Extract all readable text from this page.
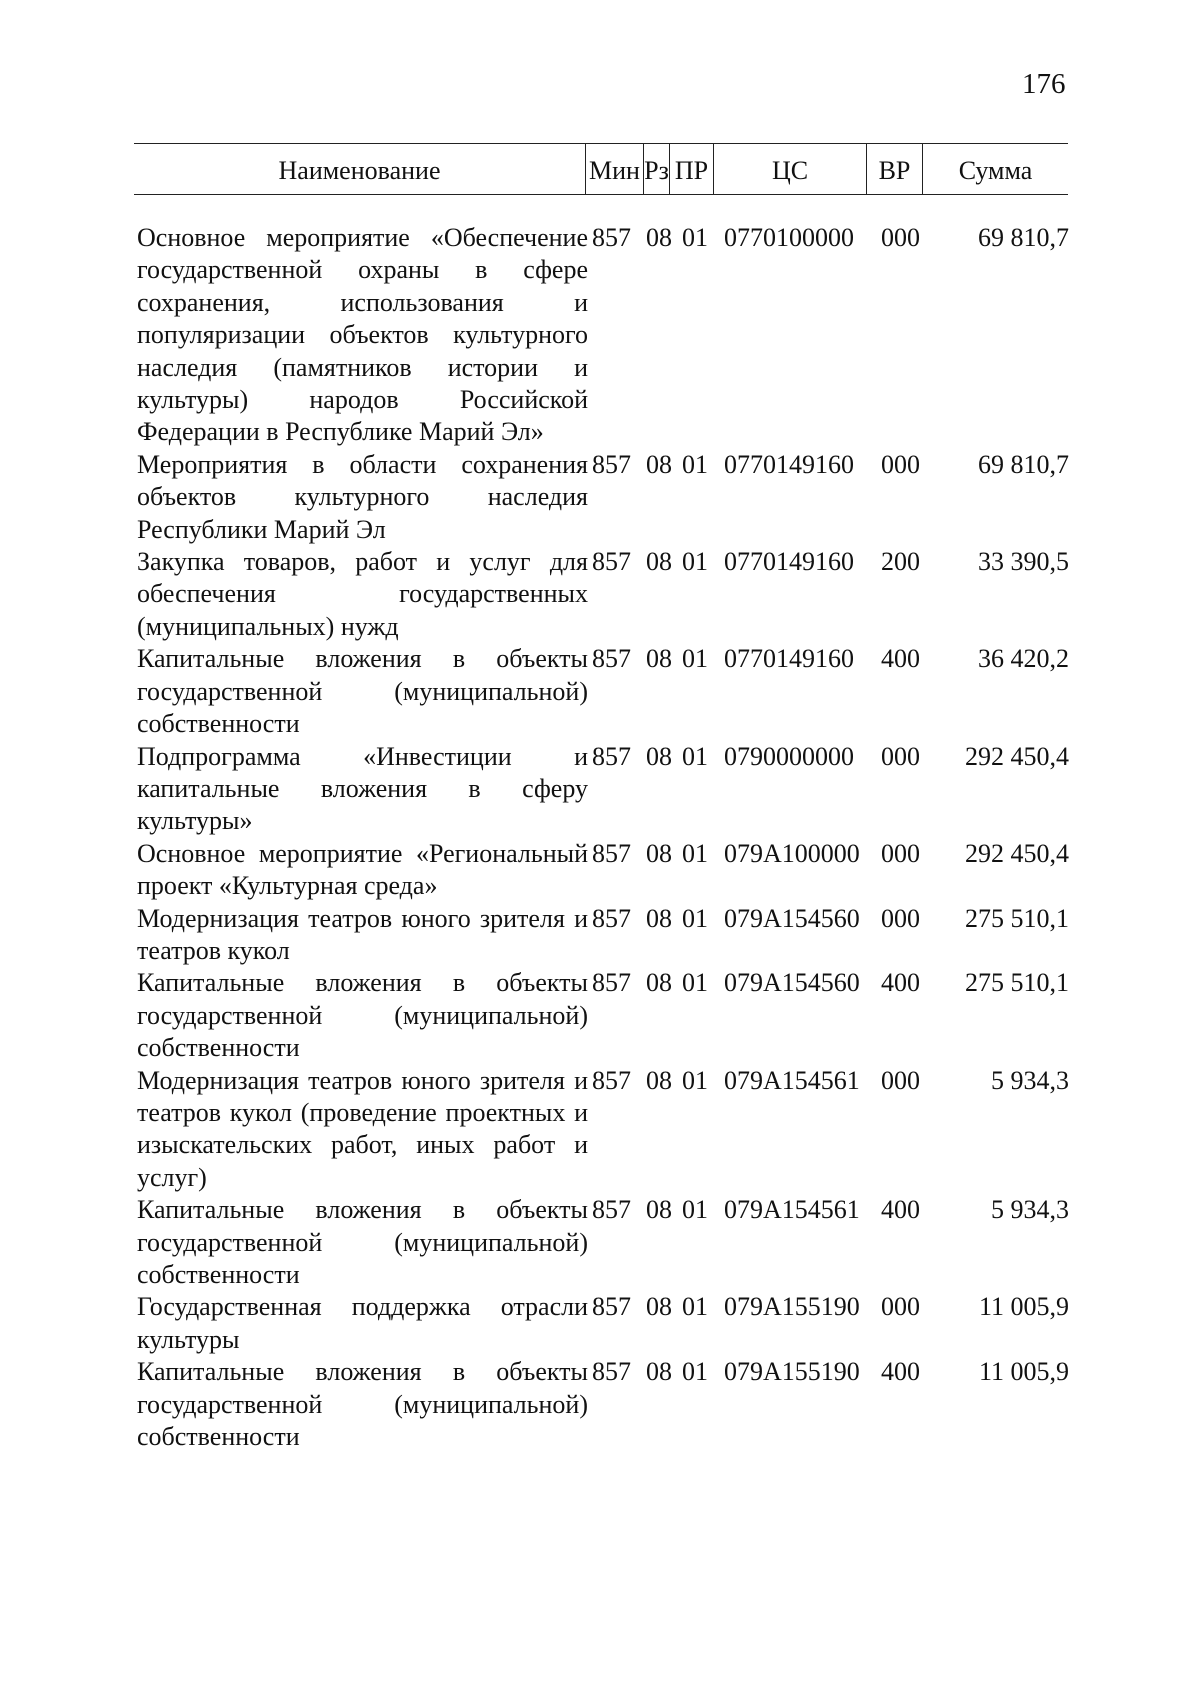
176
Наименование	Мин Рз ПР	ЦС	ВР	Сумма
Основное мероприятие «Обеспечение государственной охраны в сфере сохранения, использования и популяризации объектов культурного наследия (памятников истории и культуры) народов Российской Федерации в Республике Марий Эл»
857 08 01 0770100000	000	69 810,7
Мероприятия в области сохранения объектов культурного наследия Республики Марий Эл
857 08 01 0770149160	000	69 810,7
Закупка товаров, работ и услуг для обеспечения государственных (муниципальных) нужд
857 08 01 0770149160	200	33 390,5
Капитальные вложения в объекты государственной (муниципальной) собственности
857 08 01 0770149160	400	36 420,2
Подпрограмма «Инвестиции и капитальные вложения в сферу культуры»
857 08 01 0790000000	000	292 450,4
Основное мероприятие «Региональный проект «Культурная среда»
857 08 01 079A100000 000	292 450,4
Модернизация театров юного зрителя и театров кукол
857 08 01 079A154560 000	275 510,1
Капитальные вложения в объекты государственной (муниципальной) собственности
857 08 01 079A154560 400	275 510,1
Модернизация театров юного зрителя и театров кукол (проведение проектных и изыскательских работ, иных работ и услуг)
857 08 01 079A154561 000	5 934,3
Капитальные вложения в объекты государственной (муниципальной) собственности
857 08 01 079A154561 400	5 934,3
Государственная поддержка отрасли культуры
857 08 01 079A155190 000	11 005,9
Капитальные вложения в объекты государственной (муниципальной) собственности
857 08 01 079A155190 400	11 005,9
